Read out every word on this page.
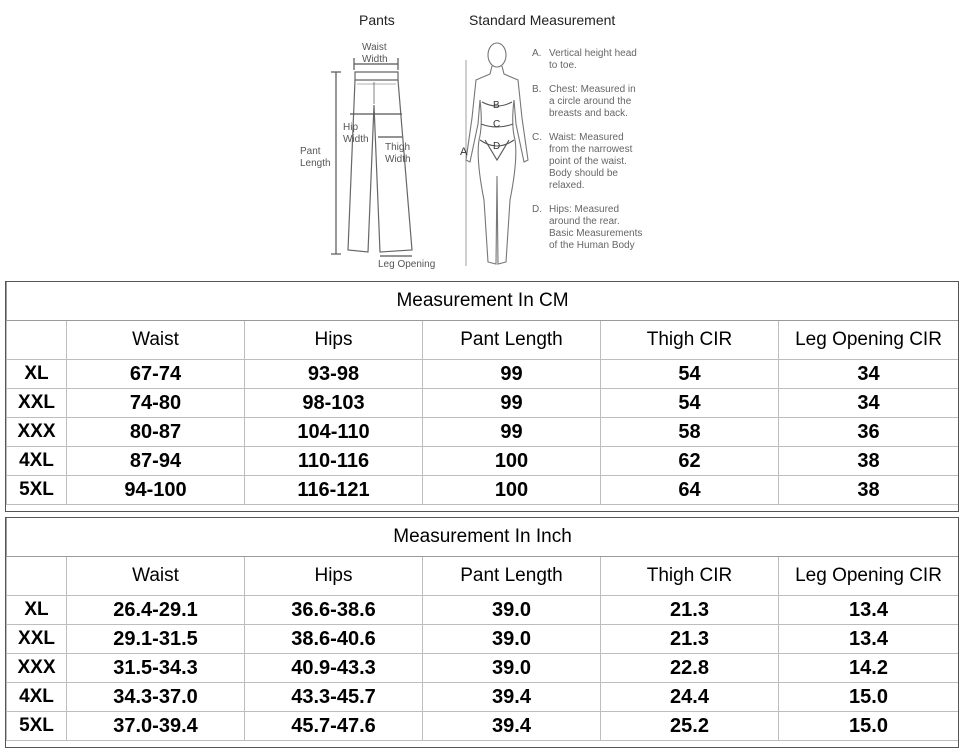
Pants	Standard Measurement
Waist
Width
Hip
Width
Pant
Length
Thigh
Width
Leg Opening
A
B
C
D
A. Vertical height head
to toe.
B. Chest: Measured in
a circle around the
breasts and back.
C. Waist: Measured
from the narrowest
point of the waist.
Body should be
relaxed.
D. Hips: Measured
around the rear.
Basic Measurements
of the Human Body
Measurement In CM					
	Waist	Hips	Pant Length	Thigh CIR	Leg Opening CIR
XL	67-74	93-98	99	54	34
XXL	74-80	98-103	99	54	34
XXX	80-87	104-110	99	58	36
4XL	87-94	110-116	100	62	38
5XL	94-100	116-121	100	64	38
Measurement In Inch					
	Waist	Hips	Pant Length	Thigh CIR	Leg Opening CIR
XL	26.4-29.1	36.6-38.6	39.0	21.3	13.4
XXL	29.1-31.5	38.6-40.6	39.0	21.3	13.4
XXX	31.5-34.3	40.9-43.3	39.0	22.8	14.2
4XL	34.3-37.0	43.3-45.7	39.4	24.4	15.0
5XL	37.0-39.4	45.7-47.6	39.4	25.2	15.0
